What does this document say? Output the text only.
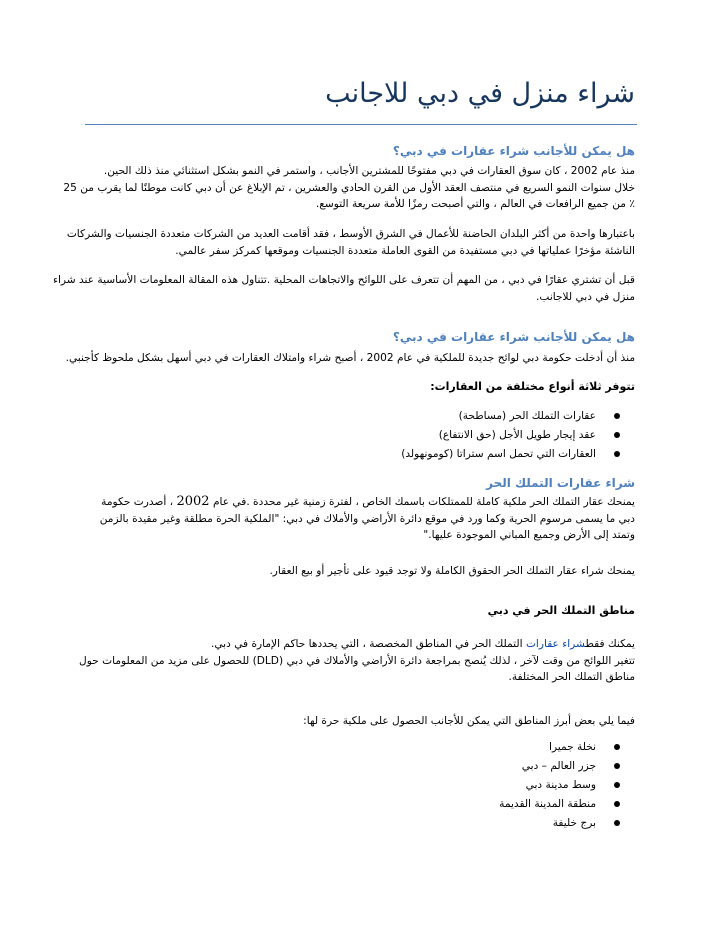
شراء منزل في دبي للاجانب

هل يمكن للأجانب شراء عقارات في دبي؟

منذ عام 2002 ، كان سوق العقارات في دبي مفتوحًا للمشترين الأجانب ، واستمر في النمو بشكل استثنائي منذ ذلك الحين.

خلال سنوات النمو السريع في منتصف العقد الأول من القرن الحادي والعشرين ، تم الإبلاغ عن أن دبي كانت موطنًا لما يقرب من 25

٪ من جميع الرافعات في العالم ، والتي أصبحت رمزًا للأمة سريعة التوسع.

باعتبارها واحدة من أكثر البلدان الحاضنة للأعمال في الشرق الأوسط ، فقد أقامت العديد من الشركات متعددة الجنسيات والشركات

الناشئة مؤخرًا عملياتها في دبي مستفيدة من القوى العاملة متعددة الجنسيات وموقعها كمركز سفر عالمي.

قبل أن تشتري عقارًا في دبي ، من المهم أن تتعرف على اللوائح والاتجاهات المحلية .تتناول هذه المقالة المعلومات الأساسية عند شراء

منزل في دبي للاجانب.

هل يمكن للأجانب شراء عقارات في دبي؟

منذ أن أدخلت حكومة دبي لوائح جديدة للملكية في عام 2002 ، أصبح شراء وامتلاك العقارات في دبي أسهل بشكل ملحوظ كأجنبي.

تتوفر ثلاثة أنواع مختلفة من العقارات:

عقارات التملك الحر (مساطحة)
عقد إيجار طويل الأجل (حق الانتفاع)
العقارات التي تحمل اسم ستراتا (كومونهولد)

شراء عقارات التملك الحر

يمنحك عقار التملك الحر ملكية كاملة للممتلكات باسمك الخاص ، لفترة زمنية غير محددة .في عام 2002 ، أصدرت حكومة

دبي ما يسمى مرسوم الحرية وكما ورد في موقع دائرة الأراضي والأملاك في دبي: "الملكية الحرة مطلقة وغير مقيدة بالزمن

وتمتد إلى الأرض وجميع المباني الموجودة عليها."

يمنحك شراء عقار التملك الحر الحقوق الكاملة ولا توجد قيود على تأجير أو بيع العقار.

مناطق التملك الحر في دبي

يمكنك فقطشراء عقارات التملك الحر في المناطق المخصصة ، التي يحددها حاكم الإمارة في دبي.

تتغير اللوائح من وقت لآخر ، لذلك يُنصح بمراجعة دائرة الأراضي والأملاك في دبي (DLD) للحصول على مزيد من المعلومات حول

مناطق التملك الحر المختلفة.

فيما يلي بعض أبرز المناطق التي يمكن للأجانب الحصول على ملكية حرة لها:

نخلة جميرا
جزر العالم – دبي
وسط مدينة دبي
منطقة المدينة القديمة
برج خليفة
